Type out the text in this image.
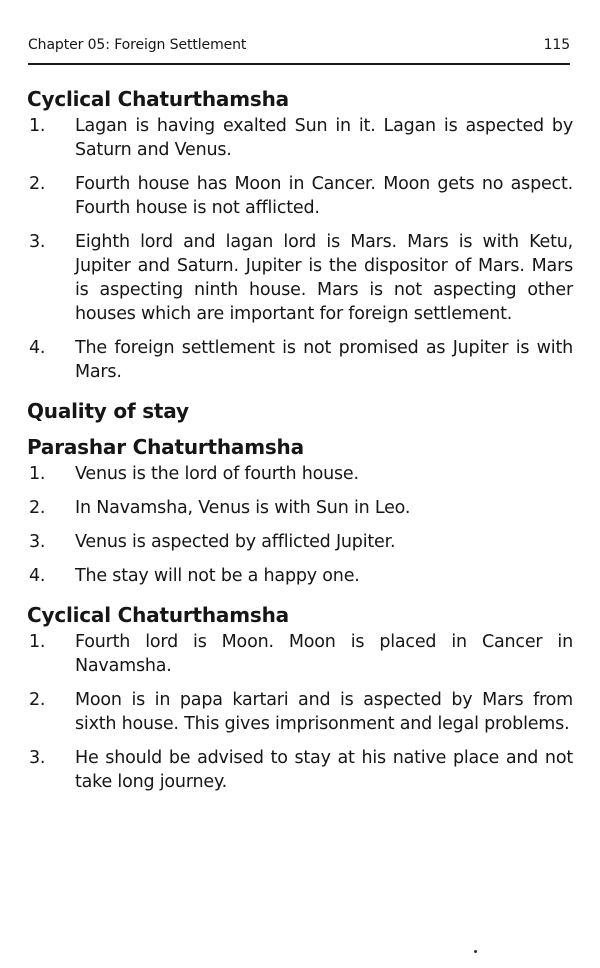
Chapter 05: Foreign Settlement	115
Cyclical Chaturthamsha
1. Lagan is having exalted Sun in it. Lagan is aspected by Saturn and Venus.
2. Fourth house has Moon in Cancer. Moon gets no aspect. Fourth house is not afflicted.
3. Eighth lord and lagan lord is Mars. Mars is with Ketu, Jupiter and Saturn. Jupiter is the dispositor of Mars. Mars is aspecting ninth house. Mars is not aspecting other houses which are important for foreign settlement.
4. The foreign settlement is not promised as Jupiter is with Mars.
Quality of stay
Parashar Chaturthamsha
1. Venus is the lord of fourth house.
2. In Navamsha, Venus is with Sun in Leo.
3. Venus is aspected by afflicted Jupiter.
4. The stay will not be a happy one.
Cyclical Chaturthamsha
1. Fourth lord is Moon. Moon is placed in Cancer in Navamsha.
2. Moon is in papa kartari and is aspected by Mars from sixth house. This gives imprisonment and legal problems.
3. He should be advised to stay at his native place and not take long journey.
